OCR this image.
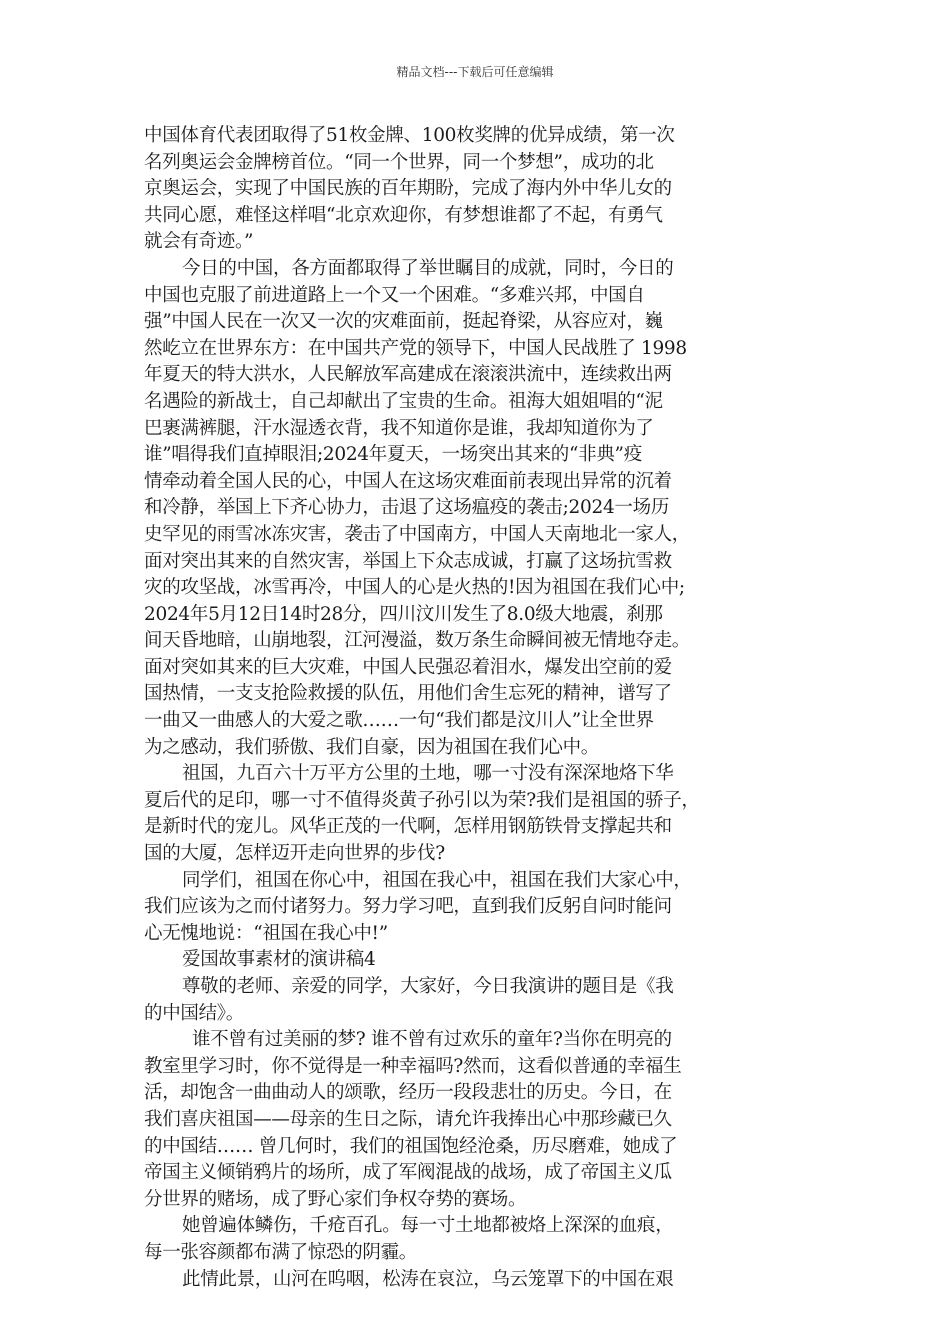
精品文档---下载后可任意编辑
中国体育代表团取得了51枚金牌、100枚奖牌的优异成绩，第一次
名列奥运会金牌榜首位。“同一个世界，同一个梦想”，成功的北
京奥运会，实现了中国民族的百年期盼，完成了海内外中华儿女的
共同心愿，难怪这样唱“北京欢迎你，有梦想谁都了不起，有勇气
就会有奇迹。”
今日的中国，各方面都取得了举世瞩目的成就，同时，今日的
中国也克服了前进道路上一个又一个困难。“多难兴邦，中国自
强”中国人民在一次又一次的灾难面前，挺起脊梁，从容应对，巍
然屹立在世界东方：在中国共产党的领导下，中国人民战胜了 1998
年夏天的特大洪水，人民解放军高建成在滚滚洪流中，连续救出两
名遇险的新战士，自己却献出了宝贵的生命。祖海大姐姐唱的“泥
巴裹满裤腿，汗水湿透衣背，我不知道你是谁，我却知道你为了
谁”唱得我们直掉眼泪;2024年夏天，一场突出其来的“非典”疫
情牵动着全国人民的心，中国人在这场灾难面前表现出异常的沉着
和冷静，举国上下齐心协力，击退了这场瘟疫的袭击;2024一场历
史罕见的雨雪冰冻灾害，袭击了中国南方，中国人天南地北一家人，
面对突出其来的自然灾害，举国上下众志成诚，打赢了这场抗雪救
灾的攻坚战，冰雪再冷，中国人的心是火热的!因为祖国在我们心中;
2024年5月12日14时28分，四川汶川发生了8.0级大地震，刹那
间天昏地暗，山崩地裂，江河漫溢，数万条生命瞬间被无情地夺走。
面对突如其来的巨大灾难，中国人民强忍着泪水，爆发出空前的爱
国热情，一支支抢险救援的队伍，用他们舍生忘死的精神，谱写了
一曲又一曲感人的大爱之歌……一句“我们都是汶川人”让全世界
为之感动，我们骄傲、我们自豪，因为祖国在我们心中。
祖国，九百六十万平方公里的土地，哪一寸没有深深地烙下华
夏后代的足印，哪一寸不值得炎黄子孙引以为荣?我们是祖国的骄子，
是新时代的宠儿。风华正茂的一代啊，怎样用钢筋铁骨支撑起共和
国的大厦，怎样迈开走向世界的步伐?
同学们，祖国在你心中，祖国在我心中，祖国在我们大家心中，
我们应该为之而付诸努力。努力学习吧，直到我们反躬自问时能问
心无愧地说：“祖国在我心中!”
爱国故事素材的演讲稿4
尊敬的老师、亲爱的同学，大家好，今日我演讲的题目是《我
的中国结》。
谁不曾有过美丽的梦? 谁不曾有过欢乐的童年?当你在明亮的
教室里学习时，你不觉得是一种幸福吗?然而，这看似普通的幸福生
活，却饱含一曲曲动人的颂歌，经历一段段悲壮的历史。今日，在
我们喜庆祖国——母亲的生日之际，请允许我捧出心中那珍藏已久
的中国结…… 曾几何时，我们的祖国饱经沧桑，历尽磨难，她成了
帝国主义倾销鸦片的场所，成了军阀混战的战场，成了帝国主义瓜
分世界的赌场，成了野心家们争权夺势的赛场。
她曾遍体鳞伤，千疮百孔。每一寸土地都被烙上深深的血痕，
每一张容颜都布满了惊恐的阴霾。
此情此景，山河在呜咽，松涛在哀泣，乌云笼罩下的中国在艰
